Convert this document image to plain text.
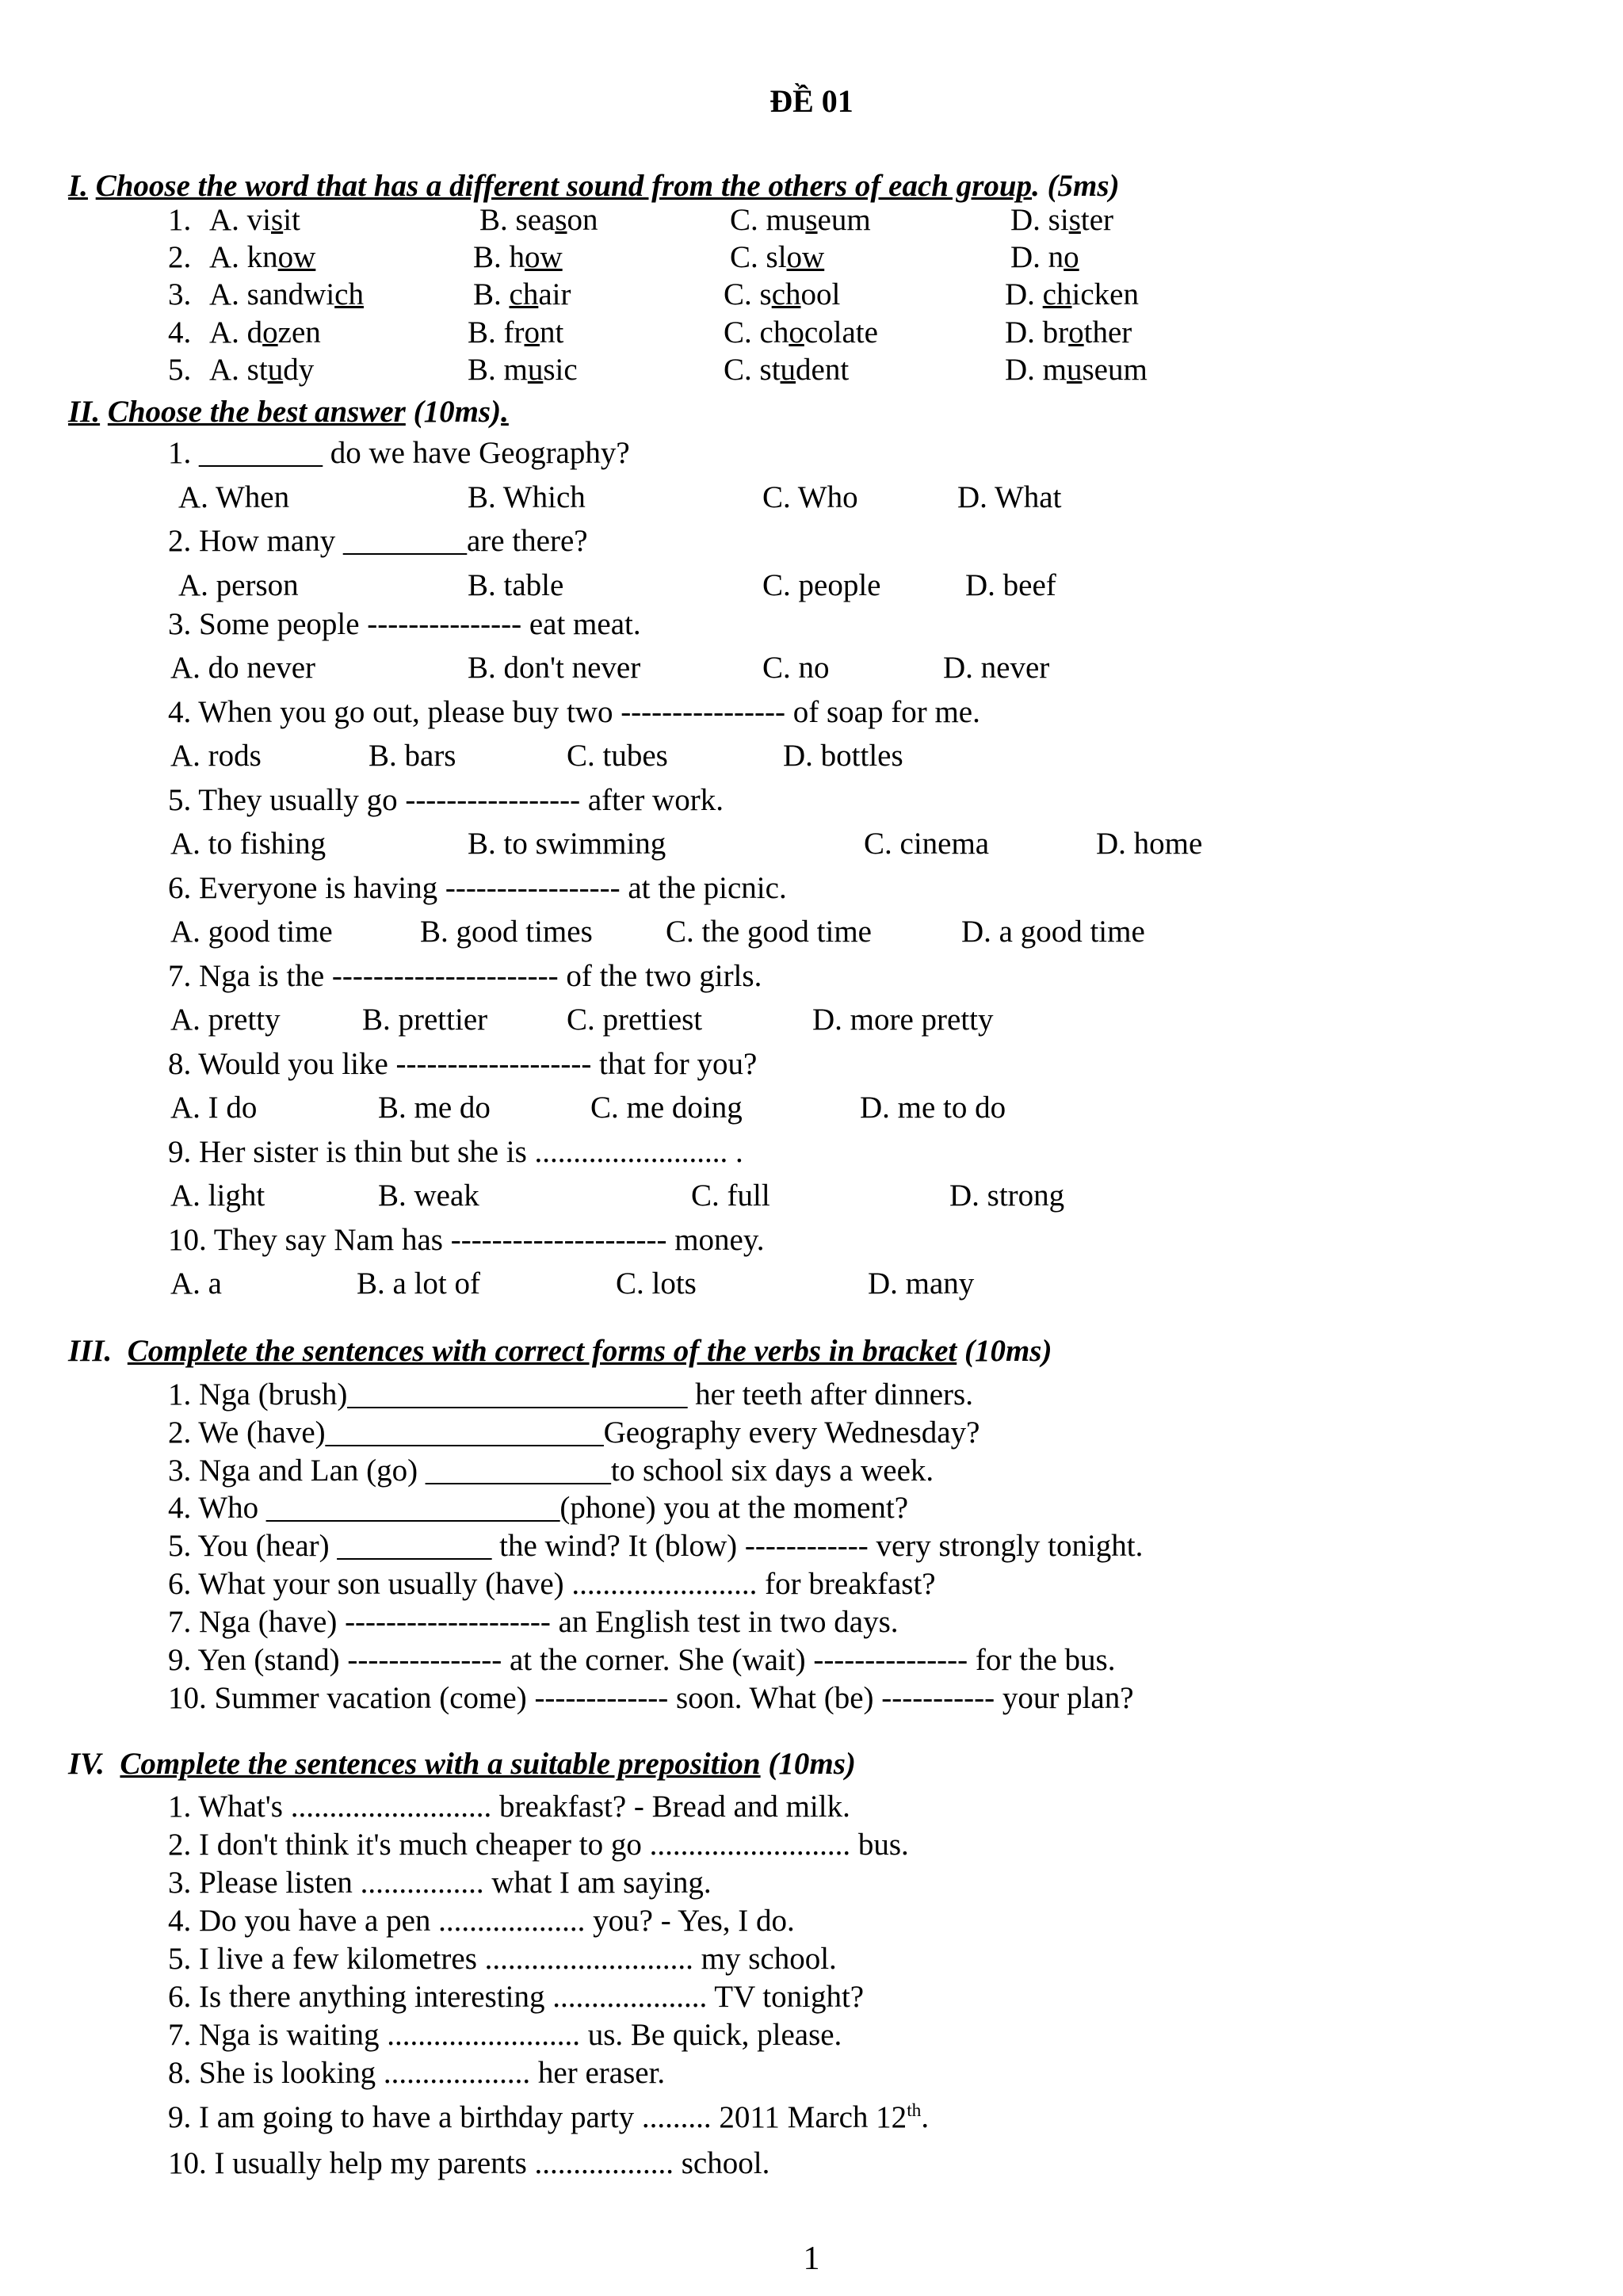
ĐỀ 01
I. Choose the word that has a different sound from the others of each group. (5ms)
1. A. visit	B. season	C. museum	D. sister
2. A. know	B. how	C. slow	D. no
3. A. sandwich	B. chair	C. school	D. chicken
4. A. dozen	B. front	C. chocolate	D. brother
5. A. study	B. music	C. student	D. museum
II. Choose the best answer (10ms).
1. ________ do we have Geography?
A. When	B. Which	C. Who	D. What
2. How many ________are there?
A. person	B. table	C. people	D. beef
3. Some people --------------- eat meat.
A. do never	B. don't never	C. no	D. never
4. When you go out, please buy two ---------------- of soap for me.
A. rods	B. bars	C. tubes	D. bottles
5. They usually go ----------------- after work.
A. to fishing	B. to swimming	C. cinema	D. home
6. Everyone is having ----------------- at the picnic.
A. good time	B. good times C. the good time	D. a good time
7. Nga is the ---------------------- of the two girls.
A. pretty	B. prettier	C. prettiest	D. more pretty
8. Would you like ------------------- that for you?
A. I do	B. me do	C. me doing	D. me to do
9. Her sister is thin but she is ......................... .
A. light	B. weak	C. full	D. strong
10. They say Nam has --------------------- money.
A. a	B. a lot of	C. lots	D. many
III. Complete the sentences with correct forms of the verbs in bracket (10ms)
1. Nga (brush)______________________ her teeth after dinners.
2. We (have)__________________Geography every Wednesday?
3. Nga and Lan (go) ____________to school six days a week.
4. Who ___________________(phone) you at the moment?
5. You (hear) __________ the wind? It (blow) ------------ very strongly tonight.
6. What your son usually (have) ........................ for breakfast?
7. Nga (have) -------------------- an English test in two days.
9. Yen (stand) --------------- at the corner. She (wait) --------------- for the bus.
10. Summer vacation (come) ------------- soon. What (be) ----------- your plan?
IV. Complete the sentences with a suitable preposition (10ms)
1. What's .......................... breakfast? - Bread and milk.
2. I don't think it's much cheaper to go .......................... bus.
3. Please listen ................ what I am saying.
4. Do you have a pen ................... you? - Yes, I do.
5. I live a few kilometres ........................... my school.
6. Is there anything interesting .................... TV tonight?
7. Nga is waiting ......................... us. Be quick, please.
8. She is looking ................... her eraser.
9. I am going to have a birthday party ......... 2011 March 12th.
10. I usually help my parents .................. school.
1
